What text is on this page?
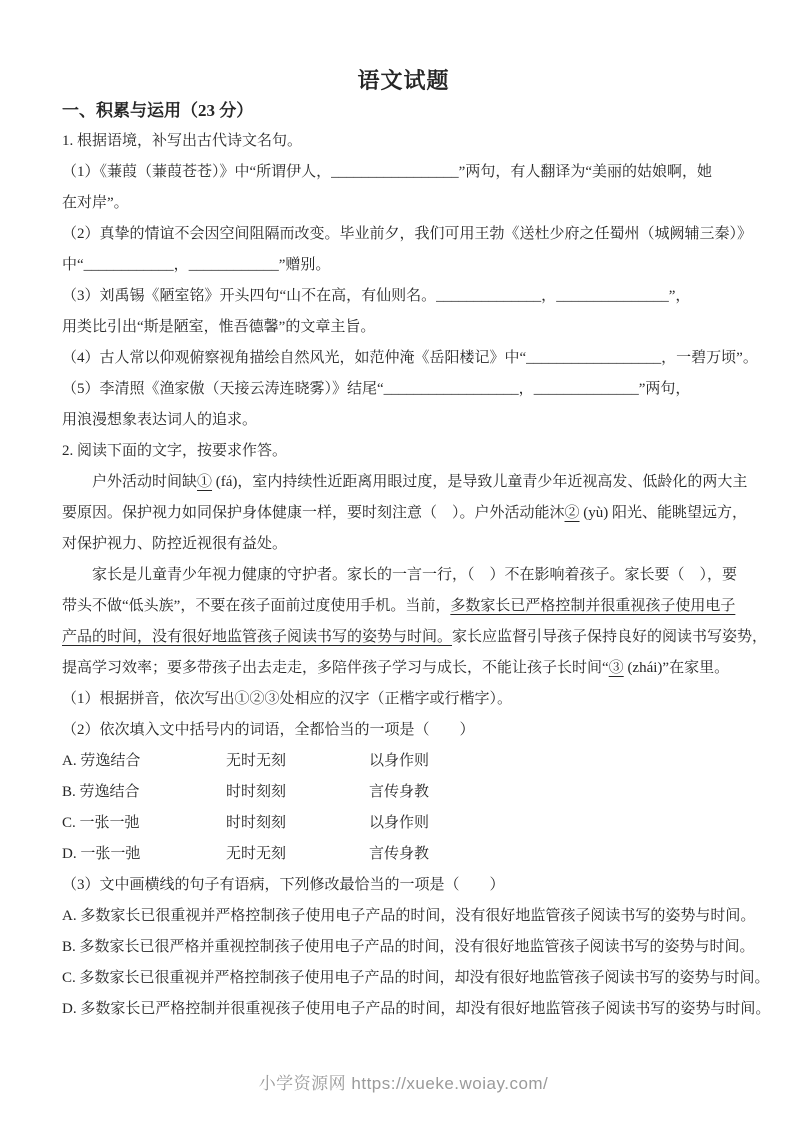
语文试题
一、积累与运用（23 分）
1. 根据语境，补写出古代诗文名句。
（1）《蒹葭（蒹葭苍苍）》中“所谓伊人，_________________”两句，有人翻译为“美丽的姑娘啊，她
在对岸”。
（2）真挚的情谊不会因空间阻隔而改变。毕业前夕，我们可用王勃《送杜少府之任蜀州（城阙辅三秦）》
中“____________，____________”赠别。
（3）刘禹锡《陋室铭》开头四句“山不在高，有仙则名。______________，_______________”，
用类比引出“斯是陋室，惟吾德馨”的文章主旨。
（4）古人常以仰观俯察视角描绘自然风光，如范仲淹《岳阳楼记》中“__________________，一碧万顷”。
（5）李清照《渔家傲（天接云涛连晓雾）》结尾“__________________，______________”两句，
用浪漫想象表达词人的追求。
2. 阅读下面的文字，按要求作答。
户外活动时间缺① (fá)，室内持续性近距离用眼过度，是导致儿童青少年近视高发、低龄化的两大主
要原因。保护视力如同保护身体健康一样，要时刻注意（　）。户外活动能沐② (yù) 阳光、能眺望远方，
对保护视力、防控近视很有益处。
家长是儿童青少年视力健康的守护者。家长的一言一行，（　）不在影响着孩子。家长要（　），要
带头不做“低头族”，不要在孩子面前过度使用手机。当前，多数家长已严格控制并很重视孩子使用电子
产品的时间，没有很好地监管孩子阅读书写的姿势与时间。家长应监督引导孩子保持良好的阅读书写姿势，
提高学习效率；要多带孩子出去走走，多陪伴孩子学习与成长，不能让孩子长时间“③ (zhái)”在家里。
（1）根据拼音，依次写出①②③处相应的汉字（正楷字或行楷字）。
（2）依次填入文中括号内的词语，全都恰当的一项是（　　）
A. 劳逸结合	无时无刻	以身作则
B. 劳逸结合	时时刻刻	言传身教
C. 一张一弛	时时刻刻	以身作则
D. 一张一弛	无时无刻	言传身教
（3）文中画横线的句子有语病，下列修改最恰当的一项是（　　）
A. 多数家长已很重视并严格控制孩子使用电子产品的时间，没有很好地监管孩子阅读书写的姿势与时间。
B. 多数家长已很严格并重视控制孩子使用电子产品的时间，没有很好地监管孩子阅读书写的姿势与时间。
C. 多数家长已很重视并严格控制孩子使用电子产品的时间，却没有很好地监管孩子阅读书写的姿势与时间。
D. 多数家长已严格控制并很重视孩子使用电子产品的时间，却没有很好地监管孩子阅读书写的姿势与时间。
小学资源网 https://xueke.woiay.com/
